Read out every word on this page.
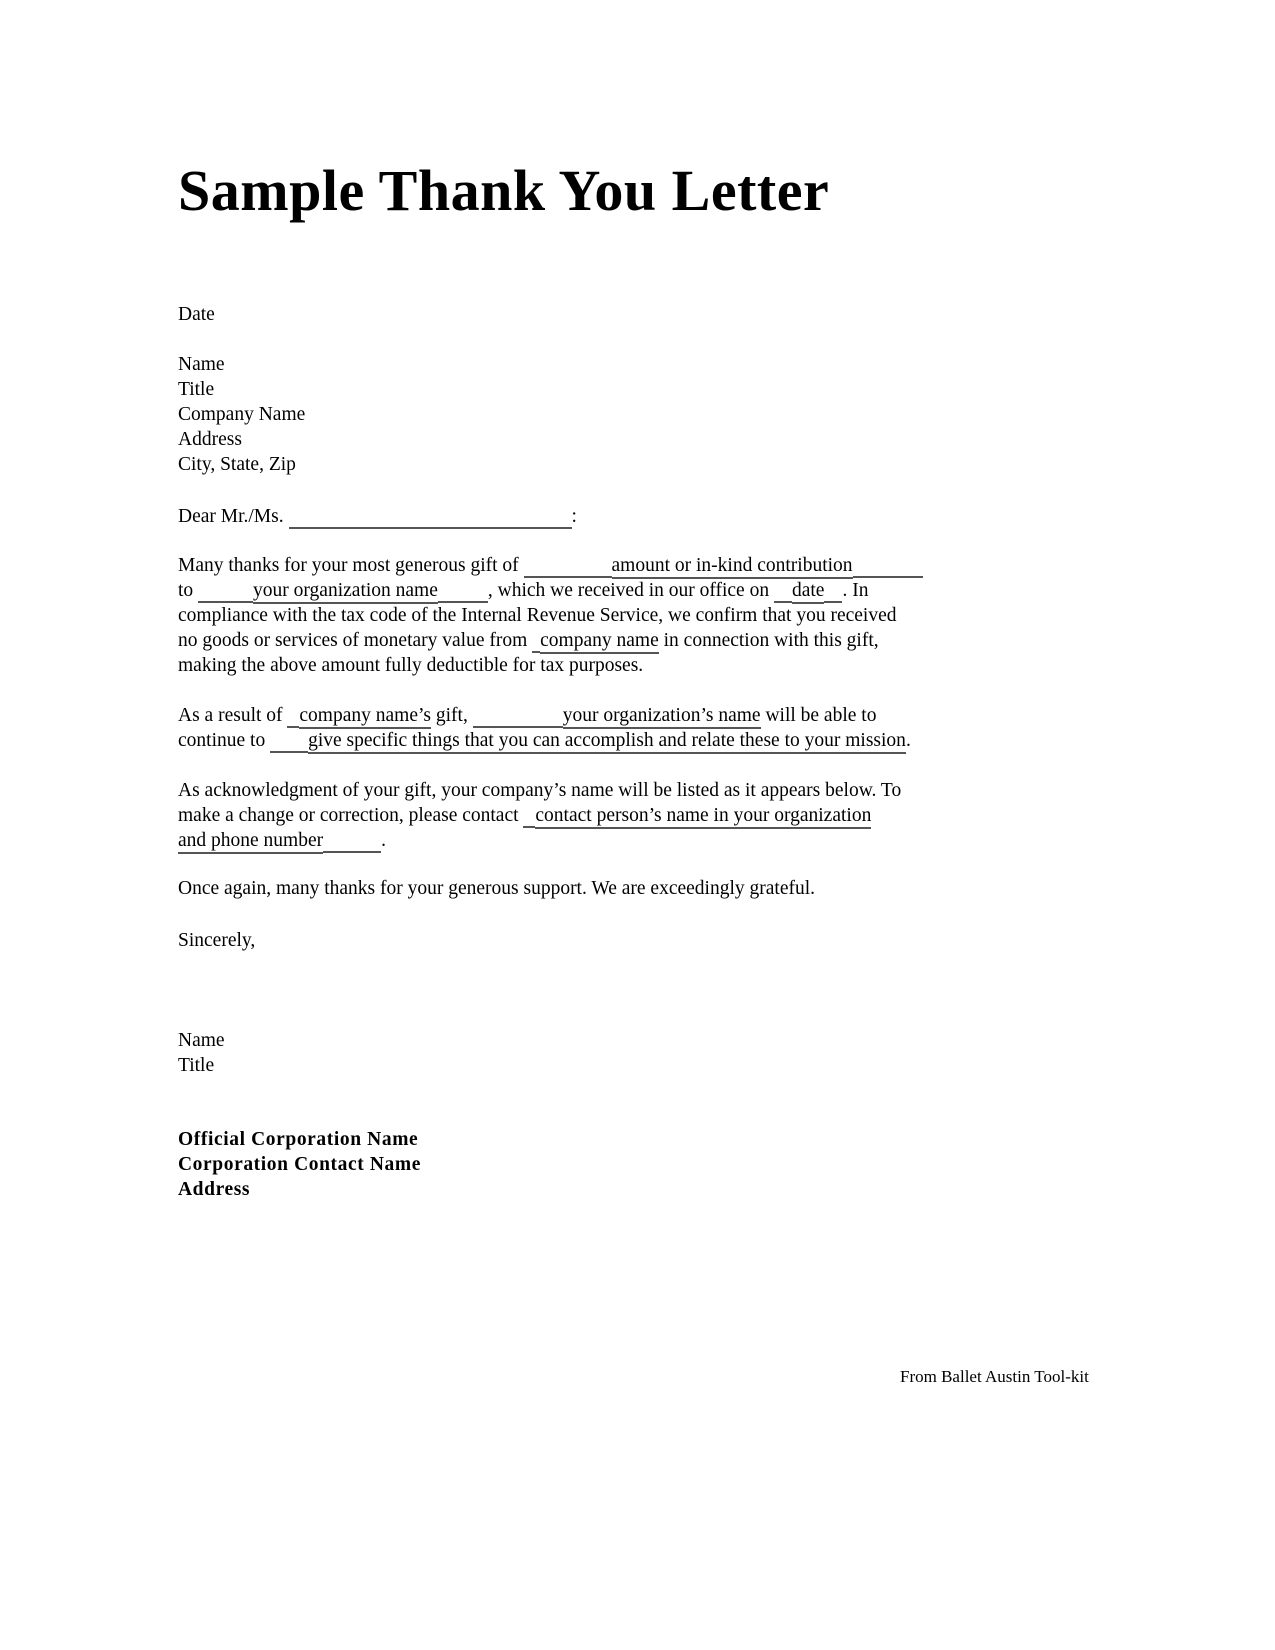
Sample Thank You Letter

Date

Name
Title
Company Name
Address
City, State, Zip

Dear Mr./Ms.	:

Many thanks for your most generous gift of	amount or in-kind contribution
to	your organization name	, which we received in our office on date . In
compliance with the tax code of the Internal Revenue Service, we confirm that you received
no goods or services of monetary value from company name in connection with this gift,
making the above amount fully deductible for tax purposes.

As a result of company name’s gift,	your organization’s name will be able to
continue to give specific things that you can accomplish and relate these to your mission.

As acknowledgment of your gift, your company’s name will be listed as it appears below. To
make a change or correction, please contact contact person’s name in your organization
and phone number	.

Once again, many thanks for your generous support. We are exceedingly grateful.

Sincerely,

Name
Title
Official Corporation Name
Corporation Contact Name
Address
From Ballet Austin Tool-kit
